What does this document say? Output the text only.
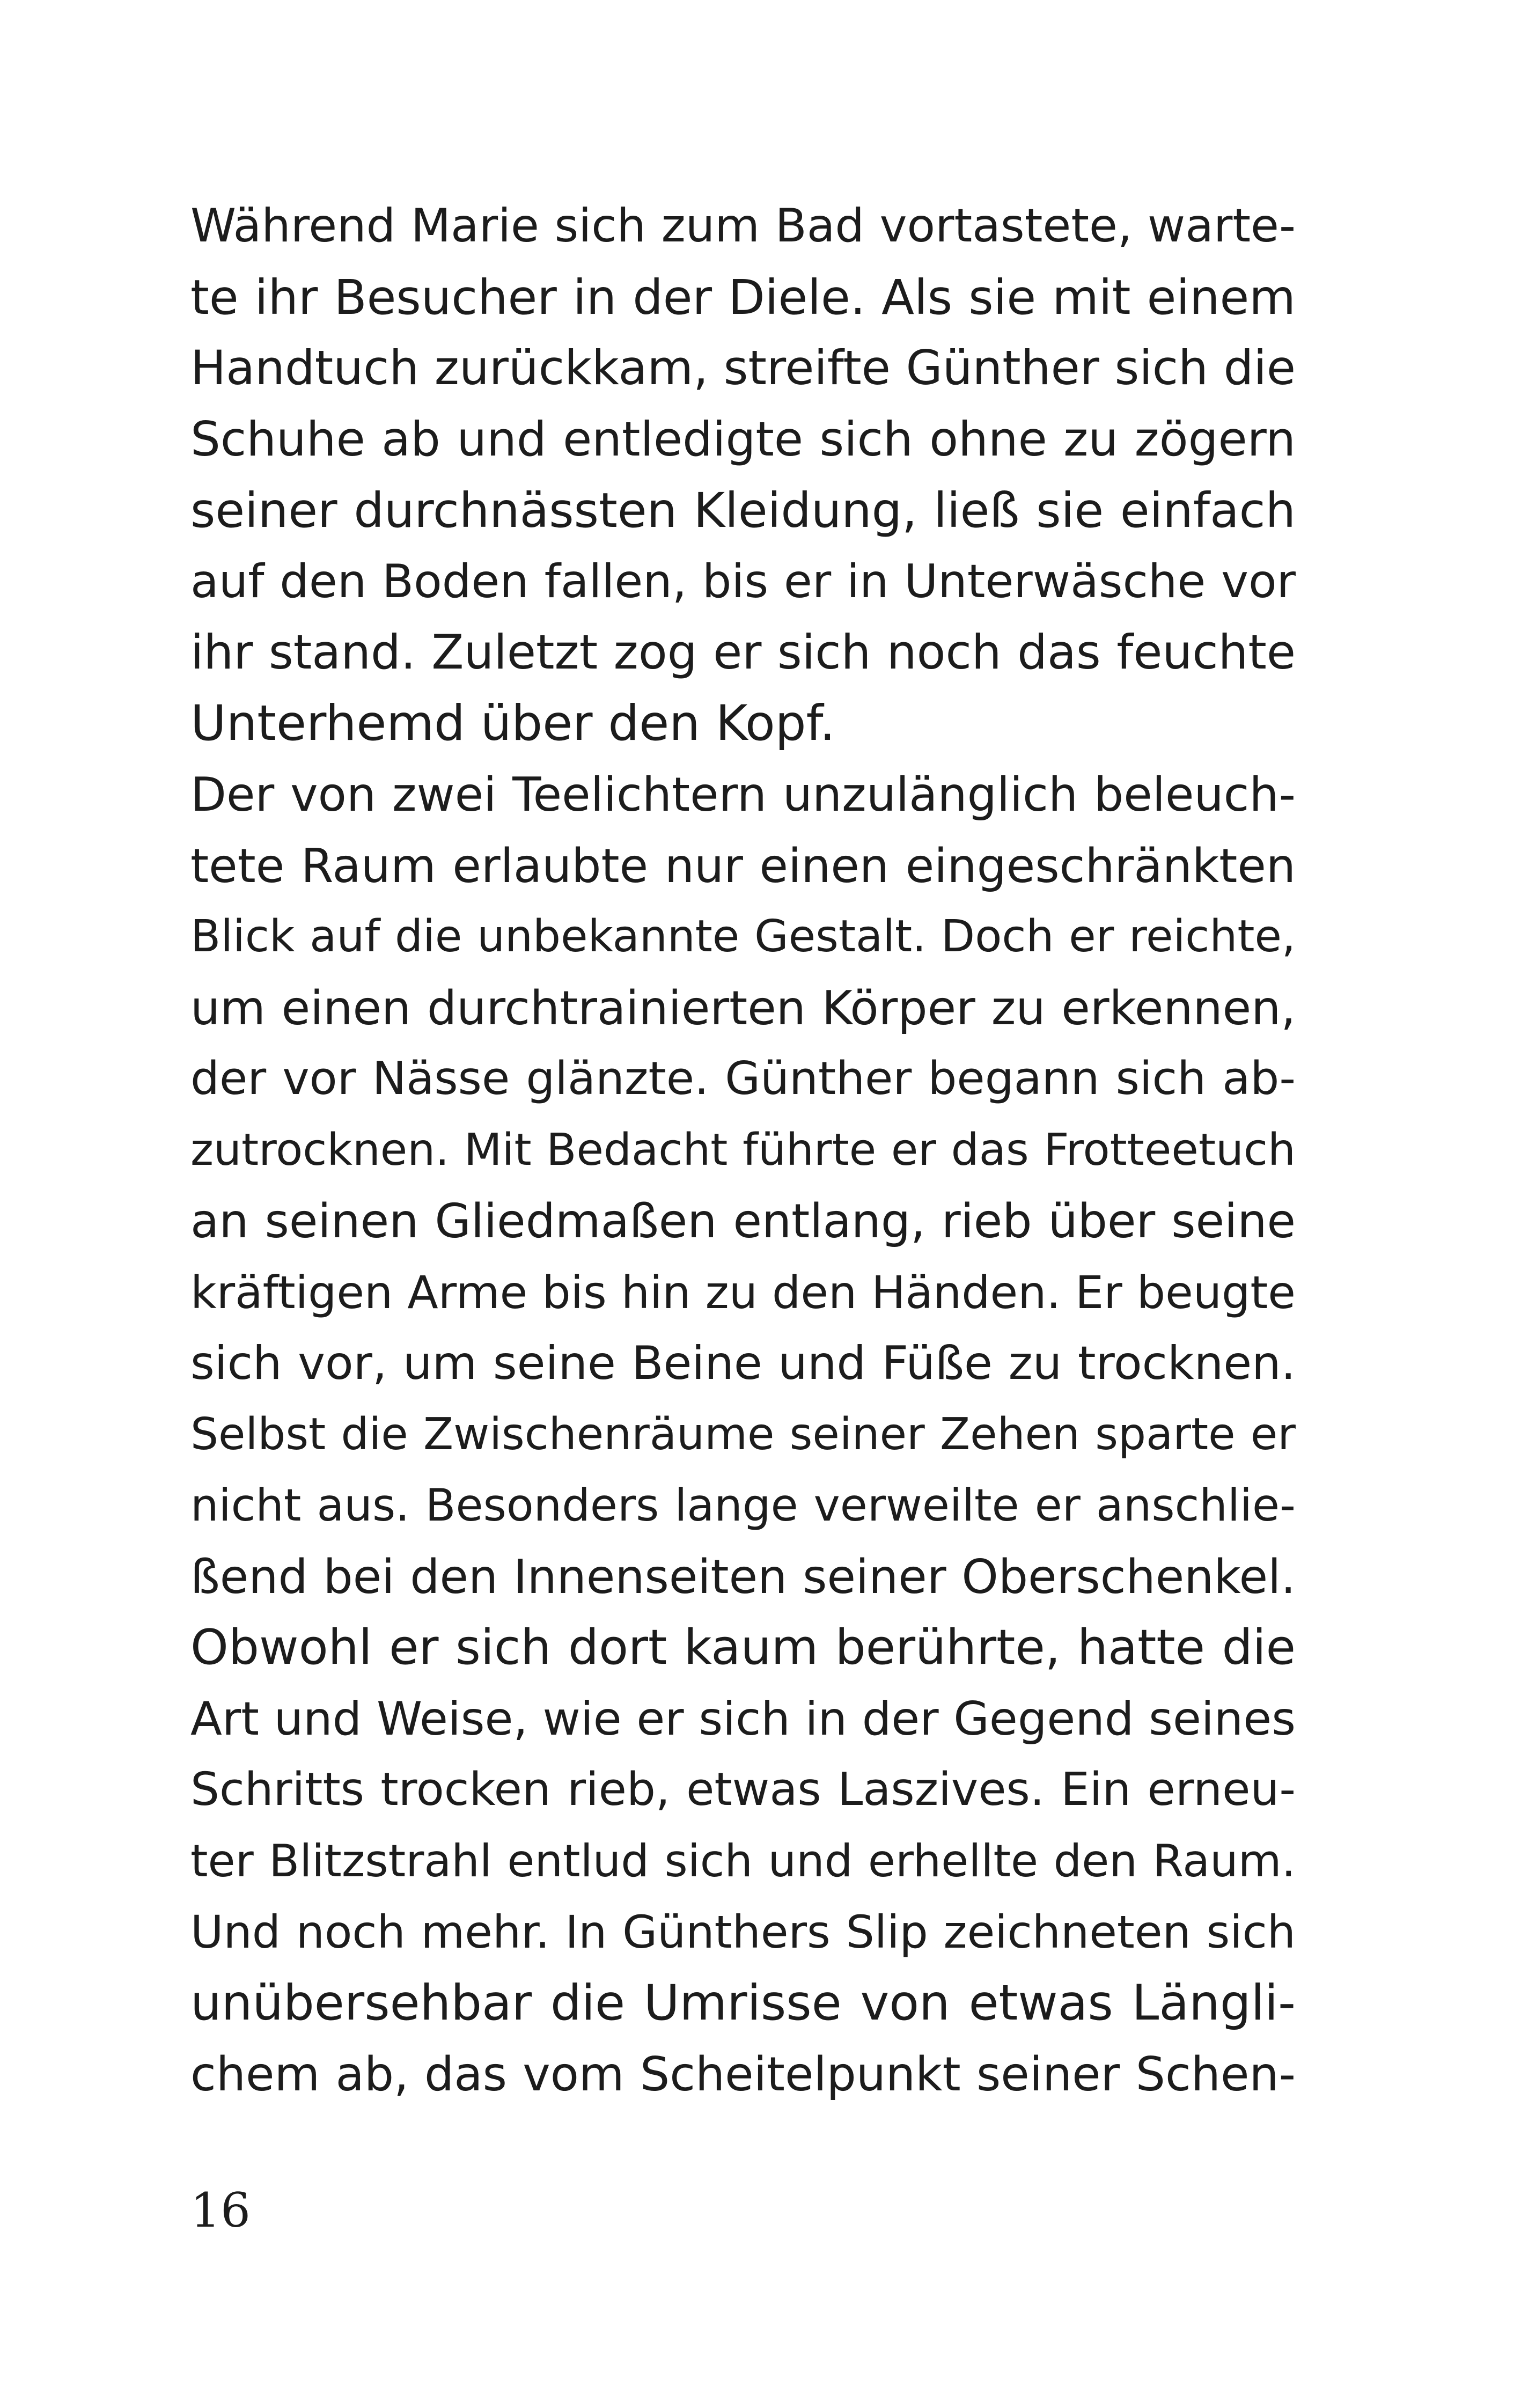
Während Marie sich zum Bad vortastete, warte-
te ihr Besucher in der Diele. Als sie mit einem
Handtuch zurückkam, streifte Günther sich die
Schuhe ab und entledigte sich ohne zu zögern
seiner durchnässten Kleidung, ließ sie einfach
auf den Boden fallen, bis er in Unterwäsche vor
ihr stand. Zuletzt zog er sich noch das feuchte
Unterhemd über den Kopf.
Der von zwei Teelichtern unzulänglich beleuch-
tete Raum erlaubte nur einen eingeschränkten
Blick auf die unbekannte Gestalt. Doch er reichte,
um einen durchtrainierten Körper zu erkennen,
der vor Nässe glänzte. Günther begann sich ab-
zutrocknen. Mit Bedacht führte er das Frotteetuch
an seinen Gliedmaßen entlang, rieb über seine
kräftigen Arme bis hin zu den Händen. Er beugte
sich vor, um seine Beine und Füße zu trocknen.
Selbst die Zwischenräume seiner Zehen sparte er
nicht aus. Besonders lange verweilte er anschlie-
ßend bei den Innenseiten seiner Oberschenkel.
Obwohl er sich dort kaum berührte, hatte die
Art und Weise, wie er sich in der Gegend seines
Schritts trocken rieb, etwas Laszives. Ein erneu-
ter Blitzstrahl entlud sich und erhellte den Raum.
Und noch mehr. In Günthers Slip zeichneten sich
unübersehbar die Umrisse von etwas Längli-
chem ab, das vom Scheitelpunkt seiner Schen-
16
